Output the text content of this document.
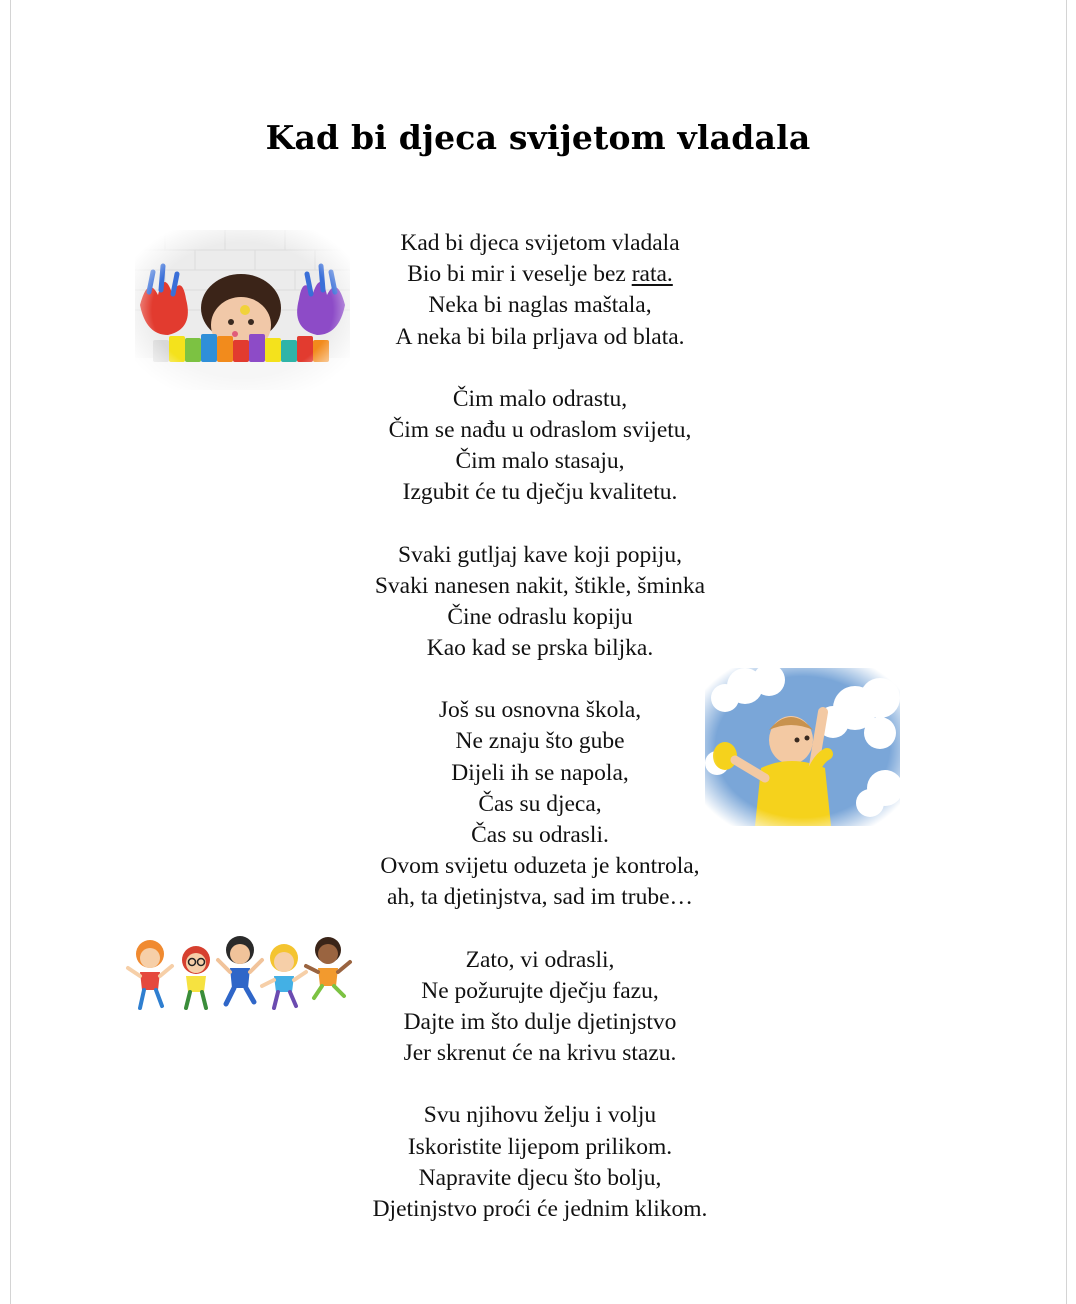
Kad bi djeca svijetom vladala
Kad bi djeca svijetom vladala
Bio bi mir i veselje bez rata.
Neka bi naglas maštala,
A neka bi bila prljava od blata.
Čim malo odrastu,
Čim se nađu u odraslom svijetu,
Čim malo stasaju,
Izgubit će tu dječju kvalitetu.
Svaki gutljaj kave koji popiju,
Svaki nanesen nakit, štikle, šminka
Čine odraslu kopiju
Kao kad se prska biljka.
Još su osnovna škola,
Ne znaju što gube
Dijeli ih se napola,
Čas su djeca,
Čas su odrasli.
Ovom svijetu oduzeta je kontrola,
ah, ta djetinjstva, sad im trube…
Zato, vi odrasli,
Ne požurujte dječju fazu,
Dajte im što dulje djetinjstvo
Jer skrenut će na krivu stazu.
Svu njihovu želju i volju
Iskoristite lijepom prilikom.
Napravite djecu što bolju,
Djetinjstvo proći će jednim klikom.
